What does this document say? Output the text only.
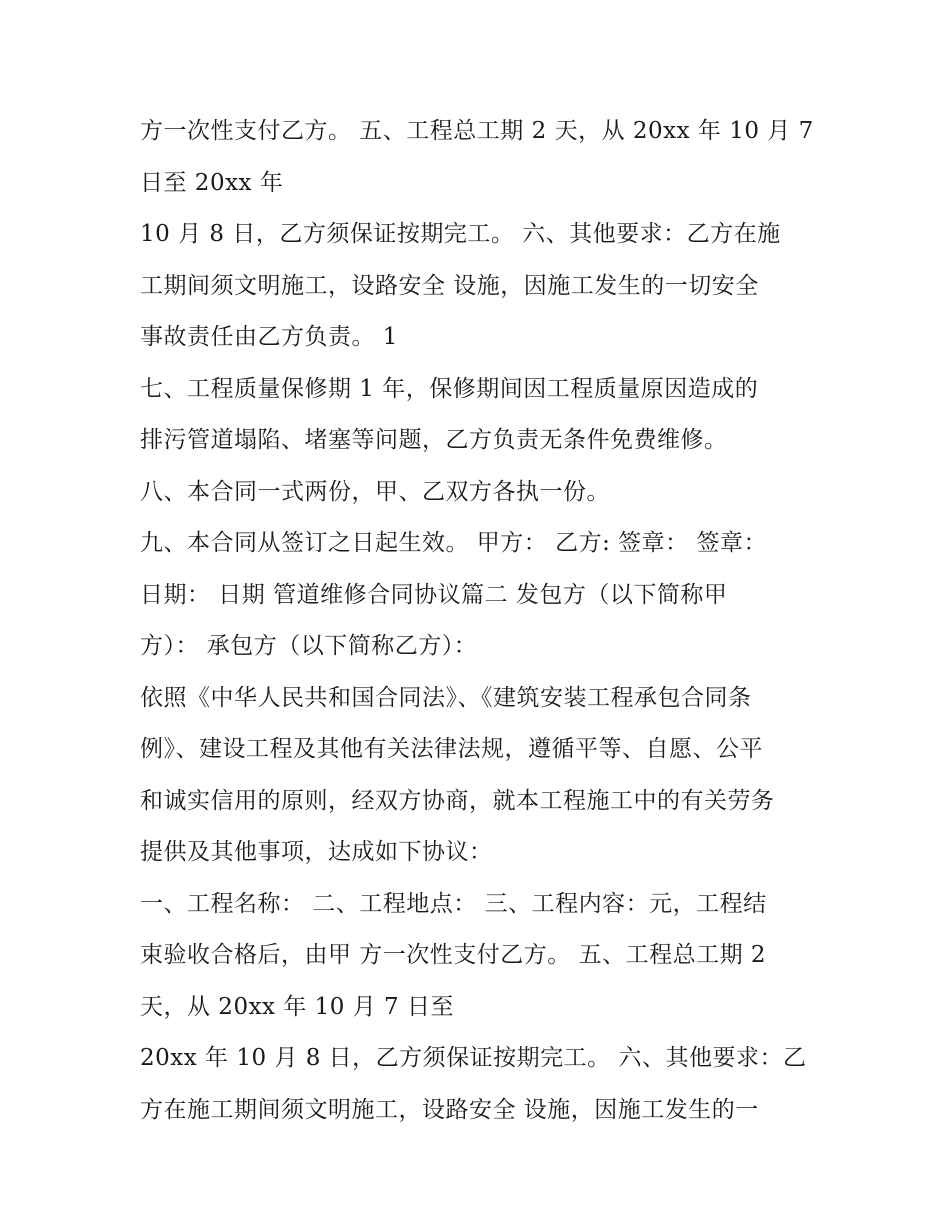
方一次性支付乙方。 五、工程总工期 2 天，从 20xx 年 10 月 7
日至 20xx 年
10 月 8 日，乙方须保证按期完工。 六、其他要求：乙方在施
工期间须文明施工，设路安全 设施，因施工发生的一切安全
事故责任由乙方负责。 1
七、工程质量保修期 1 年，保修期间因工程质量原因造成的
排污管道塌陷、堵塞等问题，乙方负责无条件免费维修。
八、本合同一式两份，甲、乙双方各执一份。
九、本合同从签订之日起生效。 甲方： 乙方: 签章： 签章：
日期： 日期 管道维修合同协议篇二 发包方（以下简称甲
方）： 承包方（以下简称乙方）：
依照《中华人民共和国合同法》、《建筑安装工程承包合同条
例》、建设工程及其他有关法律法规，遵循平等、自愿、公平
和诚实信用的原则，经双方协商，就本工程施工中的有关劳务
提供及其他事项，达成如下协议：
一、工程名称： 二、工程地点： 三、工程内容：元，工程结
束验收合格后，由甲 方一次性支付乙方。 五、工程总工期 2
天，从 20xx 年 10 月 7 日至
20xx 年 10 月 8 日，乙方须保证按期完工。 六、其他要求：乙
方在施工期间须文明施工，设路安全 设施，因施工发生的一
